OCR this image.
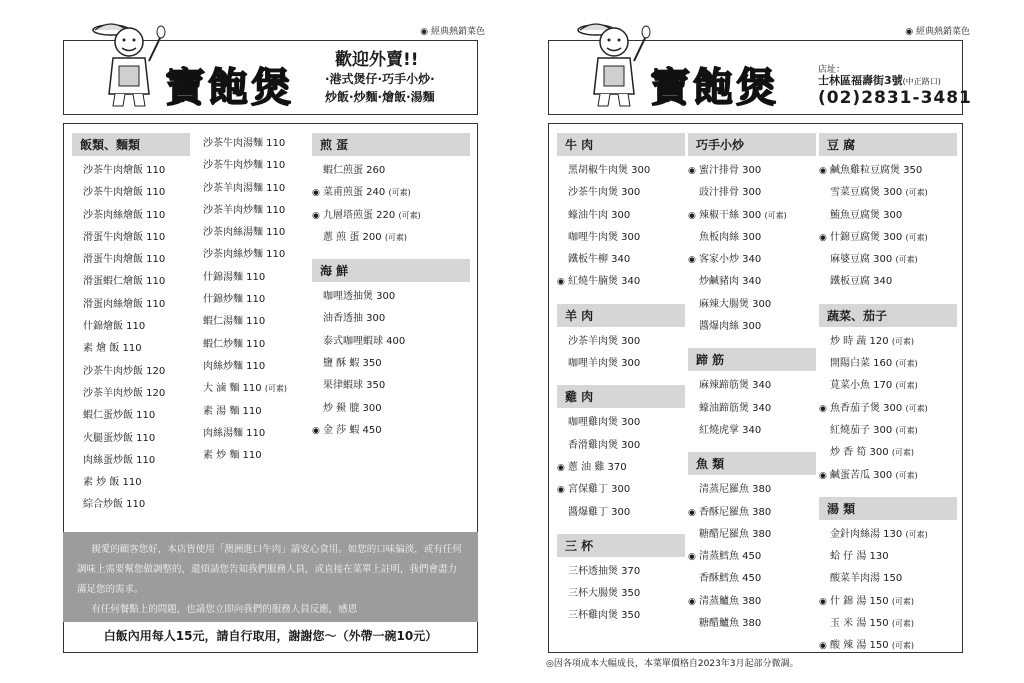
◉ 經典熱銷菜色
寶飽煲
歡迎外賣!!
·港式煲仔·巧手小炒·
炒飯·炒麵·燴飯·湯麵
飯類、麵類
沙茶牛肉燴飯 110
沙茶牛肉燴飯 110
沙茶肉絲燴飯 110
滑蛋牛肉燴飯 110
滑蛋牛肉燴飯 110
滑蛋蝦仁燴飯 110
滑蛋肉絲燴飯 110
什錦燴飯 110
素 燴 飯 110
沙茶牛肉炒飯 120
沙茶羊肉炒飯 120
蝦仁蛋炒飯 110
火腿蛋炒飯 110
肉絲蛋炒飯 110
素 炒 飯 110
綜合炒飯 110
沙茶牛肉湯麵 110
沙茶牛肉炒麵 110
沙茶羊肉湯麵 110
沙茶羊肉炒麵 110
沙茶肉絲湯麵 110
沙茶肉絲炒麵 110
什錦湯麵 110
什錦炒麵 110
蝦仁湯麵 110
蝦仁炒麵 110
肉絲炒麵 110
大 滷 麵 110 (可素)
素 湯 麵 110
肉絲湯麵 110
素 炒 麵 110
煎 蛋
蝦仁煎蛋 260
◉ 菜甫煎蛋 240 (可素)
◉ 九層塔煎蛋 220 (可素)
蔥 煎 蛋 200 (可素)
海 鮮
咖哩透抽煲 300
油香透抽 300
泰式咖哩蝦球 400
鹽 酥 蝦 350
果律蝦球 350
炒 鱟 膍 300
◉ 金 莎 蝦 450

親愛的顧客您好，本店皆使用「澳洲進口牛肉」請安心食用。如您的口味偏淡，或有任何調味上需要幫您做調整的，還煩請您告知我們服務人員，或直接在菜單上註明，我們會盡力滿足您的需求。

有任何餐點上的問題，也請您立即向我們的服務人員反應，感恩

白飯內用每人15元，請自行取用，謝謝您～（外帶一碗10元）
◉ 經典熱銷菜色
寶飽煲	店址：
士林區福壽街3號(中正路口)
(02)2831-3481
牛 肉
黑胡椒牛肉煲 300
沙茶牛肉煲 300
蠔油牛肉 300
咖哩牛肉煲 300
鐵板牛柳 340
◉ 紅燒牛腩煲 340
羊 肉
沙茶羊肉煲 300
咖哩羊肉煲 300
雞 肉
咖哩雞肉煲 300
香滑雞肉煲 300
◉ 蔥 油 雞 370
◉ 宮保雞丁 300
醬爆雞丁 300
三 杯
三杯透抽煲 370
三杯大腸煲 350
三杯雞肉煲 350
巧手小炒
◉ 蜜汁排骨 300
豉汁排骨 300
◉ 辣椒干絲 300 (可素)
魚板肉絲 300
◉ 客家小炒 340
炒鹹豬肉 340
麻辣大腸煲 300
醬爆肉絲 300
蹄 筋
麻辣蹄筋煲 340
蠔油蹄筋煲 340
紅燒虎掌 340
魚 類
清蒸尼羅魚 380
◉ 香酥尼羅魚 380
糖醋尼羅魚 380
◉ 清蒸鱈魚 450
香酥鱈魚 450
◉ 清蒸鱸魚 380
糖醋鱸魚 380
豆 腐
◉ 鹹魚雞粒豆腐煲 350
雪菜豆腐煲 300 (可素)
鮪魚豆腐煲 300
◉ 什錦豆腐煲 300 (可素)
麻婆豆腐 300 (可素)
鐵板豆腐 340
蔬菜、茄子
炒 時 蔬 120 (可素)
開陽白菜 160 (可素)
莧菜小魚 170 (可素)
◉ 魚香茄子煲 300 (可素)
紅燒茄子 300 (可素)
炒 香 筍 300 (可素)
◉ 鹹蛋苦瓜 300 (可素)
湯 類
金針肉絲湯 130 (可素)
蛤 仔 湯 130
酸菜羊肉湯 150
◉ 什 錦 湯 150 (可素)
玉 米 湯 150 (可素)
◉ 酸 辣 湯 150 (可素)
◎因各項成本大幅成長，本菜單價格自2023年3月起部分微調。
